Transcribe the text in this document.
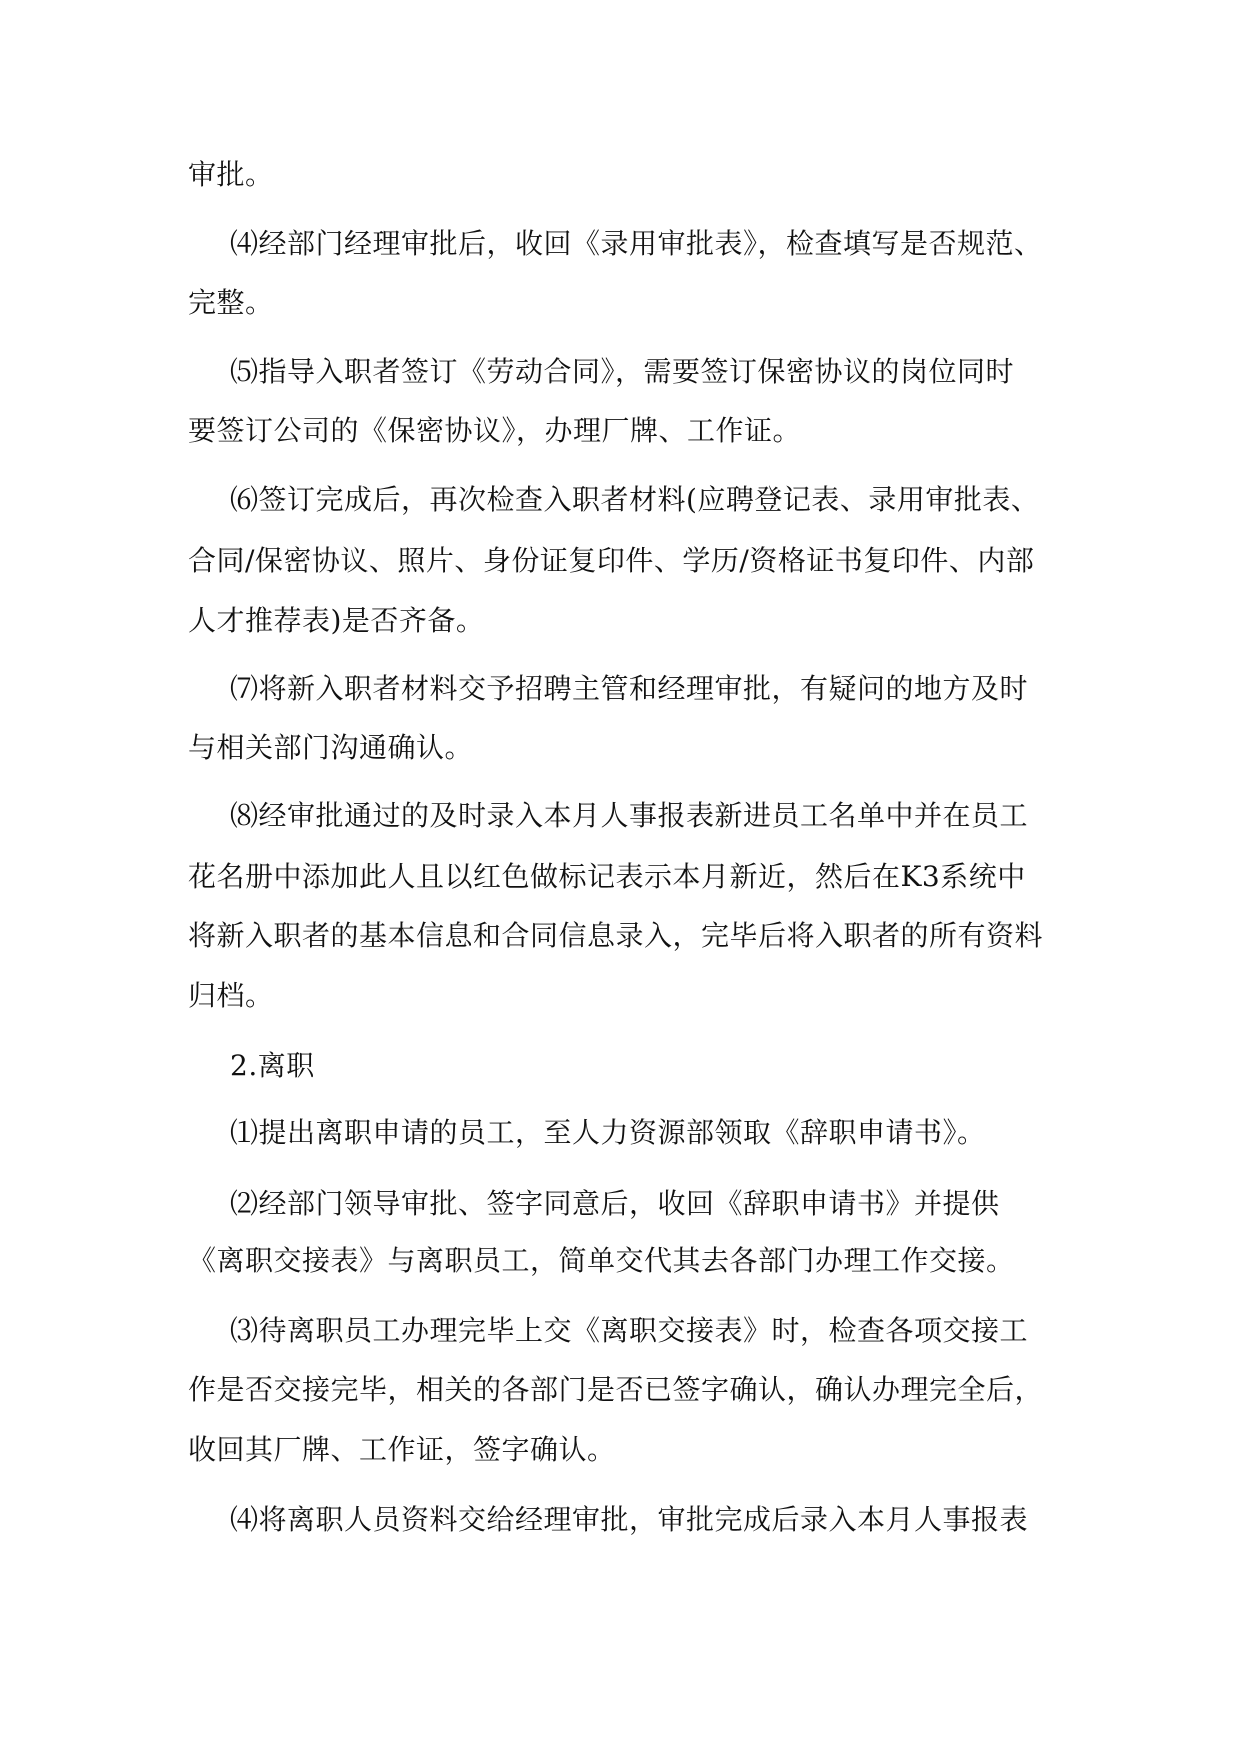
审批。
⑷经部门经理审批后，收回《录用审批表》，检查填写是否规范、
完整。
⑸指导入职者签订《劳动合同》，需要签订保密协议的岗位同时
要签订公司的《保密协议》，办理厂牌、工作证。
⑹签订完成后，再次检查入职者材料(应聘登记表、录用审批表、
合同/保密协议、照片、身份证复印件、学历/资格证书复印件、内部
人才推荐表)是否齐备。
⑺将新入职者材料交予招聘主管和经理审批，有疑问的地方及时
与相关部门沟通确认。
⑻经审批通过的及时录入本月人事报表新进员工名单中并在员工
花名册中添加此人且以红色做标记表示本月新近，然后在K3系统中
将新入职者的基本信息和合同信息录入，完毕后将入职者的所有资料
归档。
2.离职
⑴提出离职申请的员工，至人力资源部领取《辞职申请书》。
⑵经部门领导审批、签字同意后，收回《辞职申请书》并提供
《离职交接表》与离职员工，简单交代其去各部门办理工作交接。
⑶待离职员工办理完毕上交《离职交接表》时，检查各项交接工
作是否交接完毕，相关的各部门是否已签字确认，确认办理完全后，
收回其厂牌、工作证，签字确认。
⑷将离职人员资料交给经理审批，审批完成后录入本月人事报表
